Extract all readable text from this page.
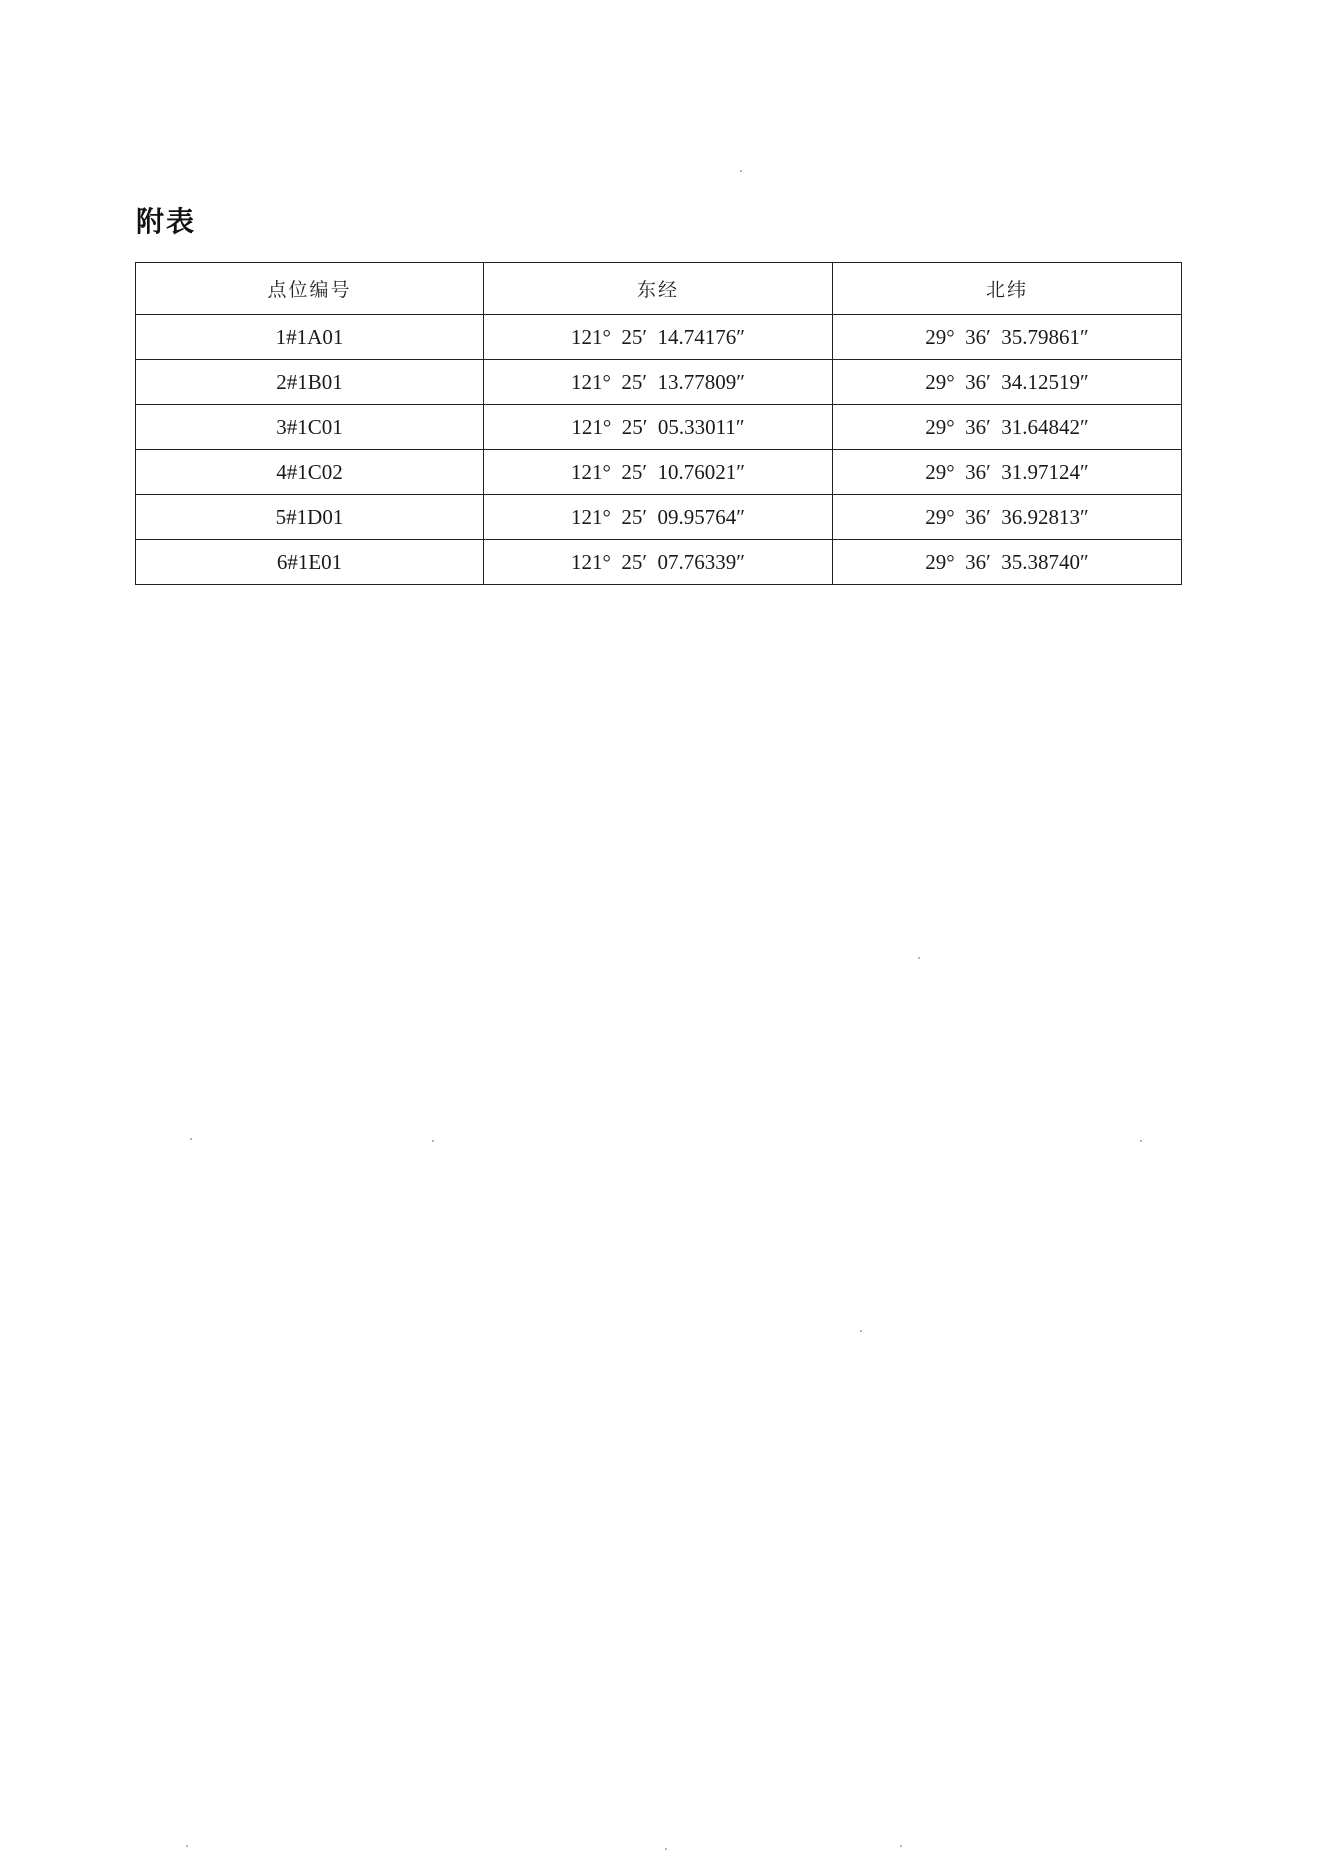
附表
点位编号	东经	北纬
1#1A01	121°  25′  14.74176″	29°  36′  35.79861″
2#1B01	121°  25′  13.77809″	29°  36′  34.12519″
3#1C01	121°  25′  05.33011″	29°  36′  31.64842″
4#1C02	121°  25′  10.76021″	29°  36′  31.97124″
5#1D01	121°  25′  09.95764″	29°  36′  36.92813″
6#1E01	121°  25′  07.76339″	29°  36′  35.38740″
